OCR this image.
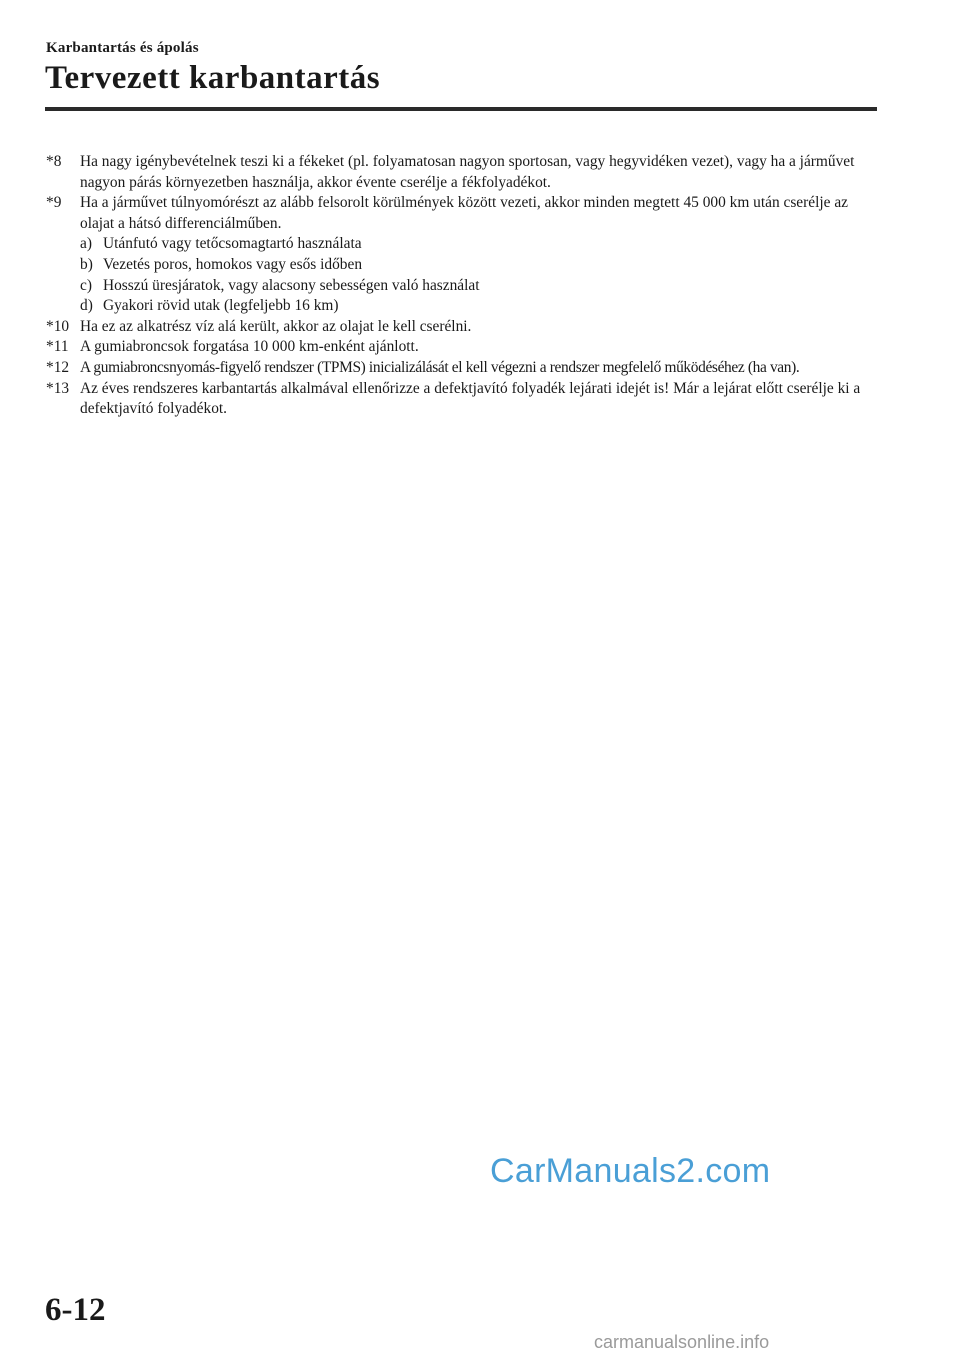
Karbantartás és ápolás
Tervezett karbantartás
*8 Ha nagy igénybevételnek teszi ki a fékeket (pl. folyamatosan nagyon sportosan, vagy hegyvidéken vezet), vagy ha a járművet nagyon párás környezetben használja, akkor évente cserélje a fékfolyadékot.
*9 Ha a járművet túlnyomórészt az alább felsorolt körülmények között vezeti, akkor minden megtett 45 000 km után cserélje az olajat a hátsó differenciálműben.
a) Utánfutó vagy tetőcsomagtartó használata
b) Vezetés poros, homokos vagy esős időben
c) Hosszú üresjáratok, vagy alacsony sebességen való használat
d) Gyakori rövid utak (legfeljebb 16 km)
*10 Ha ez az alkatrész víz alá került, akkor az olajat le kell cserélni.
*11 A gumiabroncsok forgatása 10 000 km-enként ajánlott.
*12 A gumiabroncsnyomás-figyelő rendszer (TPMS) inicializálását el kell végezni a rendszer megfelelő működéséhez (ha van).
*13 Az éves rendszeres karbantartás alkalmával ellenőrizze a defektjavító folyadék lejárati idejét is! Már a lejárat előtt cserélje ki a defektjavító folyadékot.
CarManuals2.com
6-12
carmanualsonline.info
